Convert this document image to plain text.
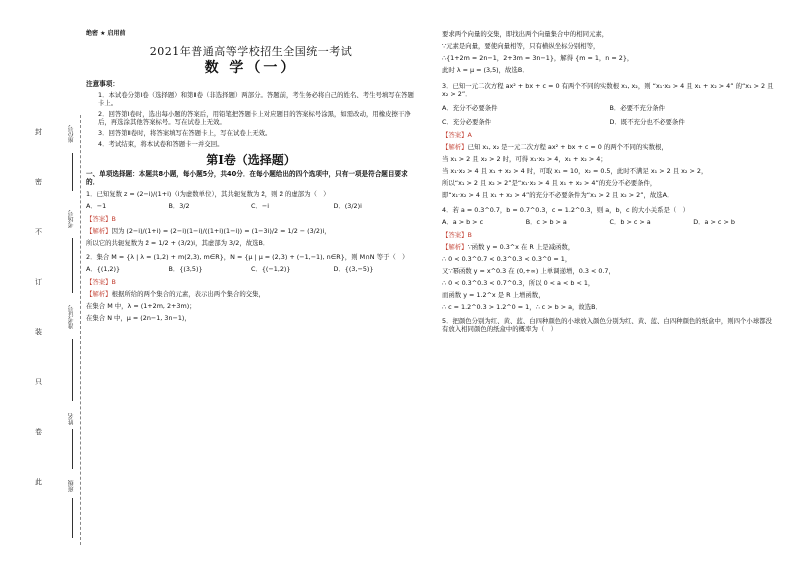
封
密
不
订
装
只
卷
此
座位号
考场号
准考证号
姓名
班级
绝密 ★ 启用前
2021年普通高等学校招生全国统一考试
数 学（一）
注意事项：

1．本试卷分第Ⅰ卷（选择题）和第Ⅱ卷（非选择题）两部分。答题前，考生务必将自己的姓名、考生号填写在答题卡上。

2．回答第Ⅰ卷时，选出每小题的答案后，用铅笔把答题卡上对应题目的答案标号涂黑，如需改动，用橡皮擦干净后，再选涂其他答案标号。写在试卷上无效。

3．回答第Ⅱ卷时，将答案填写在答题卡上，写在试卷上无效。

4．考试结束，将本试卷和答题卡一并交回。

第Ⅰ卷（选择题）

一、单项选择题：本题共8小题，每小题5分，共40分．在每小题给出的四个选项中，只有一项是符合题目要求的．

1．已知复数 z = (2−i)/(1+i)（i为虚数单位），其共轭复数为 z̄，则 z̄ 的虚部为（　）

A．−1	B．3/2	C．−i	D．(3/2)i

【答案】B

【解析】因为 (2−i)/(1+i) = (2−i)(1−i)/((1+i)(1−i)) = (1−3i)/2 = 1/2 − (3/2)i，

所以它的共轭复数为 z̄ = 1/2 + (3/2)i，其虚部为 3/2，故选B．

2．集合 M = {λ | λ = (1,2) + m(2,3), m∈R}，N = {μ | μ = (2,3) + (−1,−1), n∈R}，则 M∩N 等于（　）

A．{(1,2)}	B．{(3,5)}	C．{(−1,2)}	D．{(3,−5)}

【答案】B

【解析】根据所给的两个集合的元素，表示出两个集合的交集，

在集合 M 中，λ = (1+2m, 2+3m)；

在集合 N 中，μ = (2n−1, 3n−1)，

要求两个向量的交集，即找出两个向量集合中的相同元素，

∵元素是向量，要使向量相等，只有横纵坐标分别相等，

∴{1+2m = 2n−1，2+3m = 3n−1}，解得 {m = 1，n = 2}，

此时 λ = μ = (3,5)，故选B．

3．已知一元二次方程 ax² + bx + c = 0 有两个不同的实数根 x₁, x₂，则 “x₁·x₂ > 4 且 x₁ + x₂ > 4” 的“x₁ > 2 且 x₂ > 2”．

A．充分不必要条件	B．必要不充分条件
C．充分必要条件	D．既不充分也不必要条件

【答案】A

【解析】已知 x₁, x₂ 是一元二次方程 ax² + bx + c = 0 的两个不同的实数根，

当 x₁ > 2 且 x₂ > 2 时，可得 x₁·x₂ > 4，x₁ + x₂ > 4；

当 x₁·x₂ > 4 且 x₁ + x₂ > 4 时，可取 x₁ = 10，x₂ = 0.5，此时不满足 x₁ > 2 且 x₂ > 2，

所以“x₁ > 2 且 x₂ > 2”是“x₁·x₂ > 4 且 x₁ + x₂ > 4”的充分不必要条件，

即“x₁·x₂ > 4 且 x₁ + x₂ > 4”的充分不必要条件为“x₁ > 2 且 x₂ > 2”，故选A．

4．若 a = 0.3^0.7，b = 0.7^0.3，c = 1.2^0.3，则 a，b，c 的大小关系是（　）

A．a > b > c	B．c > b > a	C．b > c > a	D．a > c > b

【答案】B

【解析】∵函数 y = 0.3^x 在 R 上是减函数，

∴ 0 < 0.3^0.7 < 0.3^0.3 < 0.3^0 = 1，

又∵幂函数 y = x^0.3 在 (0,+∞) 上单调递增，0.3 < 0.7，

∴ 0 < 0.3^0.3 < 0.7^0.3，所以 0 < a < b < 1，

而函数 y = 1.2^x 是 R 上增函数，

∴ c = 1.2^0.3 > 1.2^0 = 1，∴ c > b > a，故选B．

5．把颜色分别为红、黄、蓝、白四种颜色的小球放入颜色分别为红、黄、蓝、白四种颜色的纸盒中，则四个小球都没有放入相同颜色的纸盒中的概率为（　）
